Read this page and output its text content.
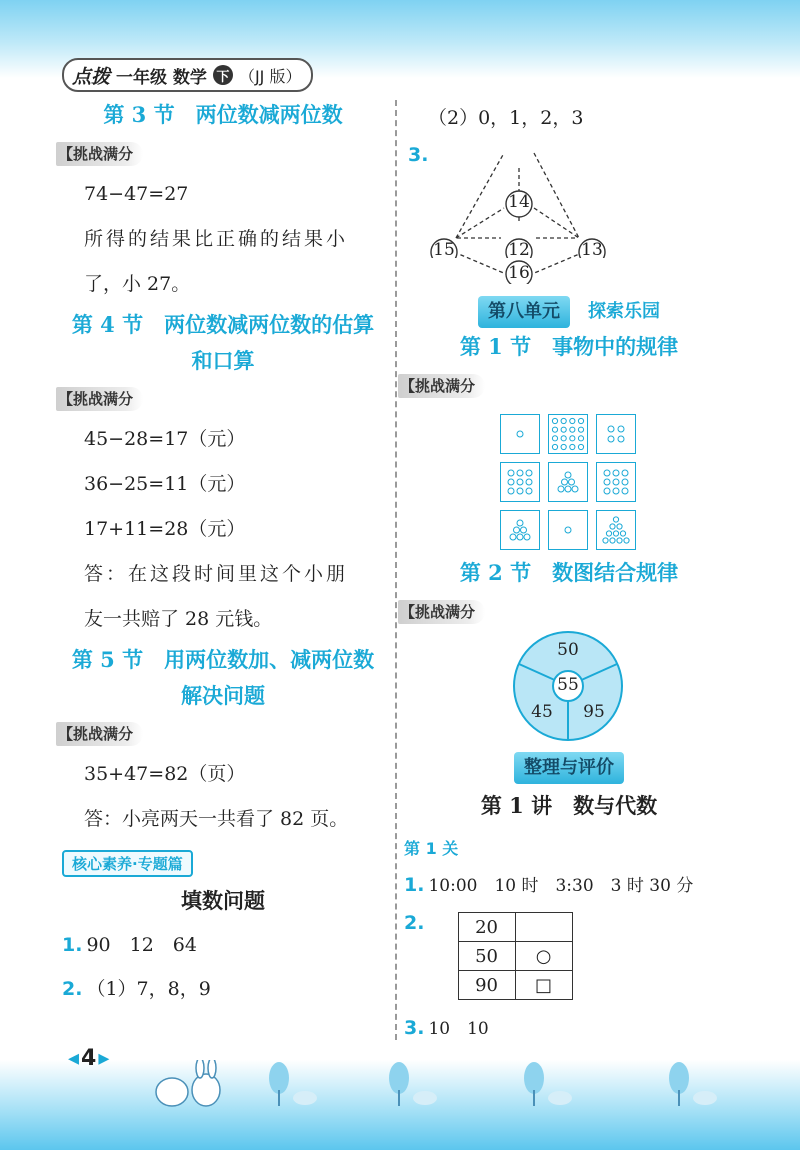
点拨 一年级 数学 下 （JJ 版）
第 3 节　两位数减两位数
【挑战满分
74−47=27
所得的结果比正确的结果小
了，小 27。
第 4 节　两位数减两位数的估算
和口算
【挑战满分
45−28=17（元）
36−25=11（元）
17+11=28（元）
答：在这段时间里这个小朋
友一共赔了 28 元钱。
第 5 节　用两位数加、减两位数
解决问题
【挑战满分
35+47=82（页）
答：小亮两天一共看了 82 页。
核心素养·专题篇
填数问题
1. 90　12　64
2. （1）7，8，9
（2）0，1，2，3
3.
14
15	12	13
16
第八单元 探索乐园
第 1 节　事物中的规律
【挑战满分
第 2 节　数图结合规律
【挑战满分
50
55
45	95
整理与评价
第 1 讲　数与代数
第 1 关
1. 10:00　10 时　3:30　3 时 30 分
2.	20	
50	○
90	□
3. 10　10
◂4▸
